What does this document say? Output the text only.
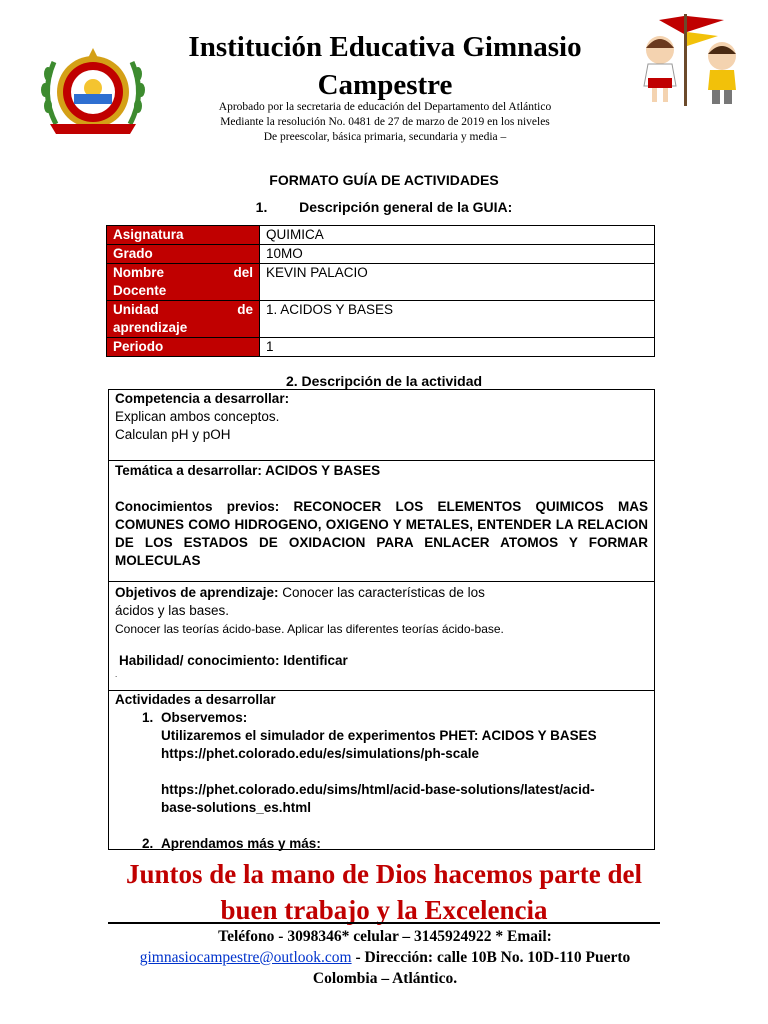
Institución Educativa Gimnasio Campestre
Aprobado por la secretaria de educación del Departamento del Atlántico
Mediante la resolución No. 0481 de 27 de marzo de 2019 en los niveles
De preescolar, básica primaria, secundaria y media –
FORMATO GUÍA DE ACTIVIDADES
1. Descripción general de la GUIA:
Asignatura	QUIMICA
Grado	10MO

Nombre del
Docente	KEVIN PALACIO

Unidad de
aprendizaje	1. ACIDOS Y BASES
Periodo	1
2. Descripción de la actividad
Competencia a desarrollar:
Explican ambos conceptos.
Calculan pH y pOH
Temática a desarrollar: ACIDOS Y BASES
Conocimientos previos: RECONOCER LOS ELEMENTOS QUIMICOS MAS COMUNES COMO HIDROGENO, OXIGENO Y METALES, ENTENDER LA RELACION DE LOS ESTADOS DE OXIDACION PARA ENLACER ATOMOS Y FORMAR MOLECULAS
Objetivos de aprendizaje: Conocer las características de los
ácidos y las bases.
Conocer las teorías ácido-base. Aplicar las diferentes teorías ácido-base.
Habilidad/ conocimiento: Identificar
.
Actividades a desarrollar
1. Observemos:
Utilizaremos el simulador de experimentos PHET: ACIDOS Y BASES
https://phet.colorado.edu/es/simulations/ph-scale
https://phet.colorado.edu/sims/html/acid-base-solutions/latest/acid-
base-solutions_es.html
2. Aprendamos más y más:
Juntos de la mano de Dios hacemos parte del
buen trabajo y la Excelencia
Teléfono - 3098346* celular – 3145924922 * Email:
gimnasiocampestre@outlook.com - Dirección: calle 10B No. 10D-110 Puerto
Colombia – Atlántico.
